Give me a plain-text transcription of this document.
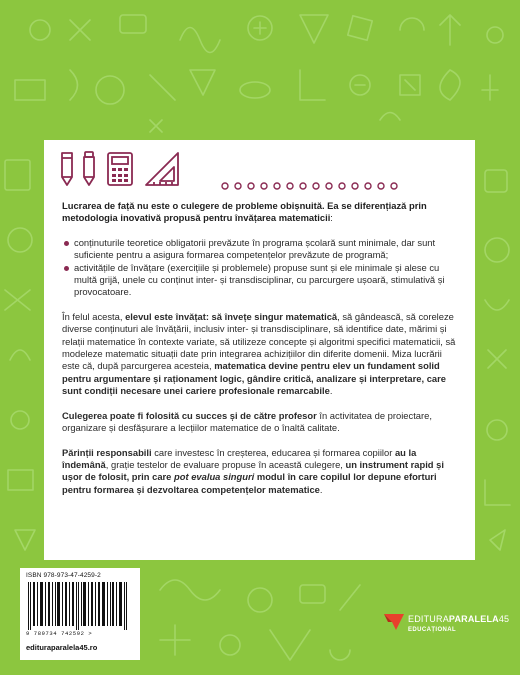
Lucrarea de față nu este o culegere de probleme obișnuită. Ea se diferențiază prin metodologia inovativă propusă pentru învățarea matematicii:

conținuturile teoretice obligatorii prevăzute în programa școlară sunt minimale, dar sunt suficiente pentru a asigura formarea competențelor prevăzute de programă;
activitățile de învățare (exercițiile și problemele) propuse sunt și ele minimale și alese cu multă grijă, unele cu conținut inter- și transdisciplinar, cu parcurgere ușoară, stimulativă și provocatoare.

În felul acesta, elevul este învățat: să învețe singur matematică, să gândească, să coreleze diverse conținuturi ale învățării, inclusiv inter- și transdisciplinare, să identifice date, mărimi și relații matematice în contexte variate, să utilizeze concepte și algoritmi specifici matematicii, să modeleze matematic situații date prin integrarea achizițiilor din diferite domenii. Miza lucrării este că, după parcurgerea acesteia, matematica devine pentru elev un fundament solid pentru argumentare și raționament logic, gândire critică, analizare și interpretare, care sunt condiții necesare unei cariere profesionale remarcabile.

Culegerea poate fi folosită cu succes și de către profesor în activitatea de proiectare, organizare și desfășurare a lecțiilor matematice de o înaltă calitate.

Părinții responsabili care investesc în creșterea, educarea și formarea copiilor au la îndemână, grație testelor de evaluare propuse în această culegere, un instrument rapid și ușor de folosit, prin care pot evalua singuri modul în care copilul lor depune eforturi pentru formarea și dezvoltarea competențelor matematice.

ISBN 978-973-47-4259-2
9 789734 742592 >
editurаparalela45.ro
EDITURAPARALELA45
EDUCAȚIONAL
